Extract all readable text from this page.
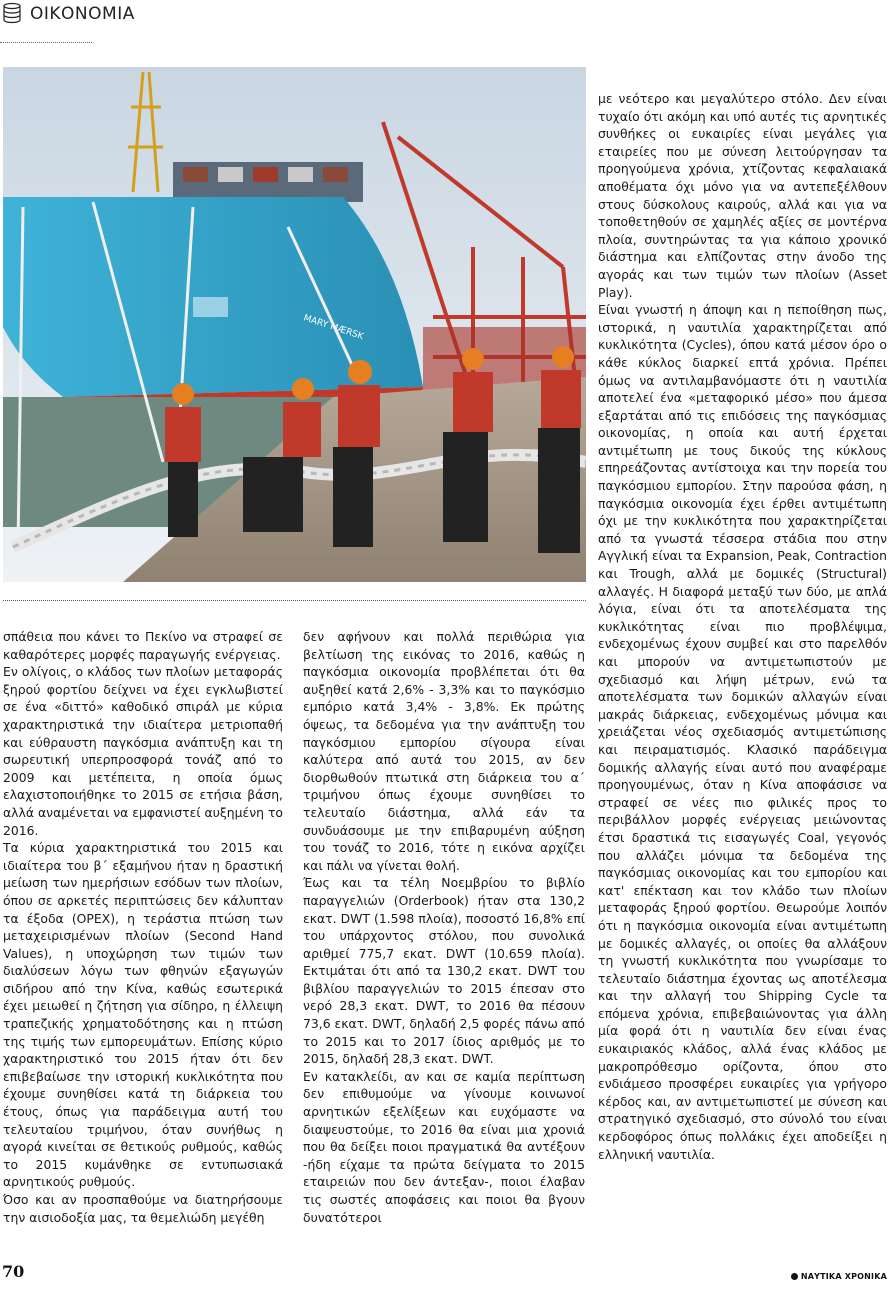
ΟΙΚΟΝΟΜΙΑ
MARY MÆRSK

σπάθεια που κάνει το Πεκίνο να στραφεί σε καθαρότερες μορφές παραγωγής ενέργειας.

Εν ολίγοις, ο κλάδος των πλοίων μεταφοράς ξηρού φορτίου δείχνει να έχει εγκλωβιστεί σε ένα «διττό» καθοδικό σπιράλ με κύρια χαρακτηριστικά την ιδιαίτερα μετριοπαθή και εύθραυστη παγκόσμια ανάπτυξη και τη σωρευτική υπερπροσφορά τονάζ από το 2009 και μετέπειτα, η οποία όμως ελαχιστοποιήθηκε το 2015 σε ετήσια βάση, αλλά αναμένεται να εμφανιστεί αυξημένη το 2016.

Τα κύρια χαρακτηριστικά του 2015 και ιδιαίτερα του β΄ εξαμήνου ήταν η δραστική μείωση των ημερήσιων εσόδων των πλοίων, όπου σε αρκετές περιπτώσεις δεν κάλυπταν τα έξοδα (OPEX), η τεράστια πτώση των μεταχειρισμένων πλοίων (Second Hand Values), η υποχώρηση των τιμών των διαλύσεων λόγω των φθηνών εξαγωγών σιδήρου από την Κίνα, καθώς εσωτερικά έχει μειωθεί η ζήτηση για σίδηρο, η έλλειψη τραπεζικής χρηματοδότησης και η πτώση της τιμής των εμπορευμάτων. Επίσης κύριο χαρακτηριστικό του 2015 ήταν ότι δεν επιβεβαίωσε την ιστορική κυκλικότητα που έχουμε συνηθίσει κατά τη διάρκεια του έτους, όπως για παράδειγμα αυτή του τελευταίου τριμήνου, όταν συνήθως η αγορά κινείται σε θετικούς ρυθμούς, καθώς το 2015 κυμάνθηκε σε εντυπωσιακά αρνητικούς ρυθμούς.

Όσο και αν προσπαθούμε να διατηρήσουμε την αισιοδοξία μας, τα θεμελιώδη μεγέθη

δεν αφήνουν και πολλά περιθώρια για βελτίωση της εικόνας το 2016, καθώς η παγκόσμια οικονομία προβλέπεται ότι θα αυξηθεί κατά 2,6% - 3,3% και το παγκόσμιο εμπόριο κατά 3,4% - 3,8%. Εκ πρώτης όψεως, τα δεδομένα για την ανάπτυξη του παγκόσμιου εμπορίου σίγουρα είναι καλύτερα από αυτά του 2015, αν δεν διορθωθούν πτωτικά στη διάρκεια του α΄ τριμήνου όπως έχουμε συνηθίσει το τελευταίο διάστημα, αλλά εάν τα συνδυάσουμε με την επιβαρυμένη αύξηση του τονάζ το 2016, τότε η εικόνα αρχίζει και πάλι να γίνεται θολή.

Έως και τα τέλη Νοεμβρίου το βιβλίο παραγγελιών (Orderbook) ήταν στα 130,2 εκατ. DWT (1.598 πλοία), ποσοστό 16,8% επί του υπάρχοντος στόλου, που συνολικά αριθμεί 775,7 εκατ. DWT (10.659 πλοία). Εκτιμάται ότι από τα 130,2 εκατ. DWT του βιβλίου παραγγελιών το 2015 έπεσαν στο νερό 28,3 εκατ. DWT, το 2016 θα πέσουν 73,6 εκατ. DWT, δηλαδή 2,5 φορές πάνω από το 2015 και το 2017 ίδιος αριθμός με το 2015, δηλαδή 28,3 εκατ. DWT.

Εν κατακλείδι, αν και σε καμία περίπτωση δεν επιθυμούμε να γίνουμε κοινωνοί αρνητικών εξελίξεων και ευχόμαστε να διαψευστούμε, το 2016 θα είναι μια χρονιά που θα δείξει ποιοι πραγματικά θα αντέξουν -ήδη είχαμε τα πρώτα δείγματα το 2015 εταιρειών που δεν άντεξαν-, ποιοι έλαβαν τις σωστές αποφάσεις και ποιοι θα βγουν δυνατότεροι

με νεότερο και μεγαλύτερο στόλο. Δεν είναι τυχαίο ότι ακόμη και υπό αυτές τις αρνητικές συνθήκες οι ευκαιρίες είναι μεγάλες για εταιρείες που με σύνεση λειτούργησαν τα προηγούμενα χρόνια, χτίζοντας κεφαλαιακά αποθέματα όχι μόνο για να αντεπεξέλθουν στους δύσκολους καιρούς, αλλά και για να τοποθετηθούν σε χαμηλές αξίες σε μοντέρνα πλοία, συντηρώντας τα για κάποιο χρονικό διάστημα και ελπίζοντας στην άνοδο της αγοράς και των τιμών των πλοίων (Asset Play).

Είναι γνωστή η άποψη και η πεποίθηση πως, ιστορικά, η ναυτιλία χαρακτηρίζεται από κυκλικότητα (Cycles), όπου κατά μέσον όρο ο κάθε κύκλος διαρκεί επτά χρόνια. Πρέπει όμως να αντιλαμβανόμαστε ότι η ναυτιλία αποτελεί ένα «μεταφορικό μέσο» που άμεσα εξαρτάται από τις επιδόσεις της παγκόσμιας οικονομίας, η οποία και αυτή έρχεται αντιμέτωπη με τους δικούς της κύκλους επηρεάζοντας αντίστοιχα και την πορεία του παγκόσμιου εμπορίου. Στην παρούσα φάση, η παγκόσμια οικονομία έχει έρθει αντιμέτωπη όχι με την κυκλικότητα που χαρακτηρίζεται από τα γνωστά τέσσερα στάδια που στην Αγγλική είναι τα Expansion, Peak, Contraction και Trough, αλλά με δομικές (Structural) αλλαγές. Η διαφορά μεταξύ των δύο, με απλά λόγια, είναι ότι τα αποτελέσματα της κυκλικότητας είναι πιο προβλέψιμα, ενδεχομένως έχουν συμβεί και στο παρελθόν και μπορούν να αντιμετωπιστούν με σχεδιασμό και λήψη μέτρων, ενώ τα αποτελέσματα των δομικών αλλαγών είναι μακράς διάρκειας, ενδεχομένως μόνιμα και χρειάζεται νέος σχεδιασμός αντιμετώπισης και πειραματισμός. Κλασικό παράδειγμα δομικής αλλαγής είναι αυτό που αναφέραμε προηγουμένως, όταν η Κίνα αποφάσισε να στραφεί σε νέες πιο φιλικές προς το περιβάλλον μορφές ενέργειας μειώνοντας έτσι δραστικά τις εισαγωγές Coal, γεγονός που αλλάζει μόνιμα τα δεδομένα της παγκόσμιας οικονομίας και του εμπορίου και κατ' επέκταση και τον κλάδο των πλοίων μεταφοράς ξηρού φορτίου. Θεωρούμε λοιπόν ότι η παγκόσμια οικονομία είναι αντιμέτωπη με δομικές αλλαγές, οι οποίες θα αλλάξουν τη γνωστή κυκλικότητα που γνωρίσαμε το τελευταίο διάστημα έχοντας ως αποτέλεσμα και την αλλαγή του Shipping Cycle τα επόμενα χρόνια, επιβεβαιώνοντας για άλλη μία φορά ότι η ναυτιλία δεν είναι ένας ευκαιριακός κλάδος, αλλά ένας κλάδος με μακροπρόθεσμο ορίζοντα, όπου στο ενδιάμεσο προσφέρει ευκαιρίες για γρήγορο κέρδος και, αν αντιμετωπιστεί με σύνεση και στρατηγικό σχεδιασμό, στο σύνολό του είναι κερδοφόρος όπως πολλάκις έχει αποδείξει η ελληνική ναυτιλία.

70	ΝΑΥΤΙΚΑ ΧΡΟΝΙΚΑ
